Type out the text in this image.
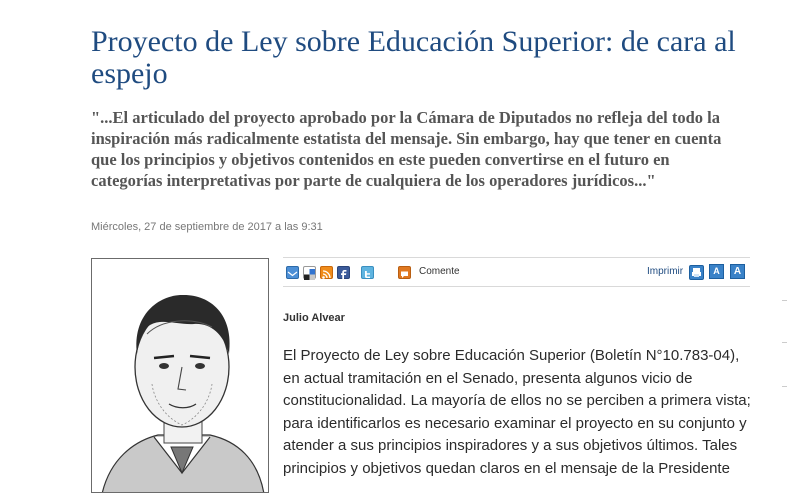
Proyecto de Ley sobre Educación Superior: de cara al espejo

"...El articulado del proyecto aprobado por la Cámara de Diputados no refleja del todo la inspiración más radicalmente estatista del mensaje. Sin embargo, hay que tener en cuenta que los principios y objetivos contenidos en este pueden convertirse en el futuro en categorías interpretativas por parte de cualquiera de los operadores jurídicos..."

Miércoles, 27 de septiembre de 2017 a las 9:31
Comente	Imprimir	A	A
Julio Alvear

El Proyecto de Ley sobre Educación Superior (Boletín N°10.783-04), en actual tramitación en el Senado, presenta algunos vicio de constitucionalidad. La mayoría de ellos no se perciben a primera vista; para identificarlos es necesario examinar el proyecto en su conjunto y atender a sus principios inspiradores y a sus objetivos últimos. Tales principios y objetivos quedan claros en el mensaje de la Presidente
